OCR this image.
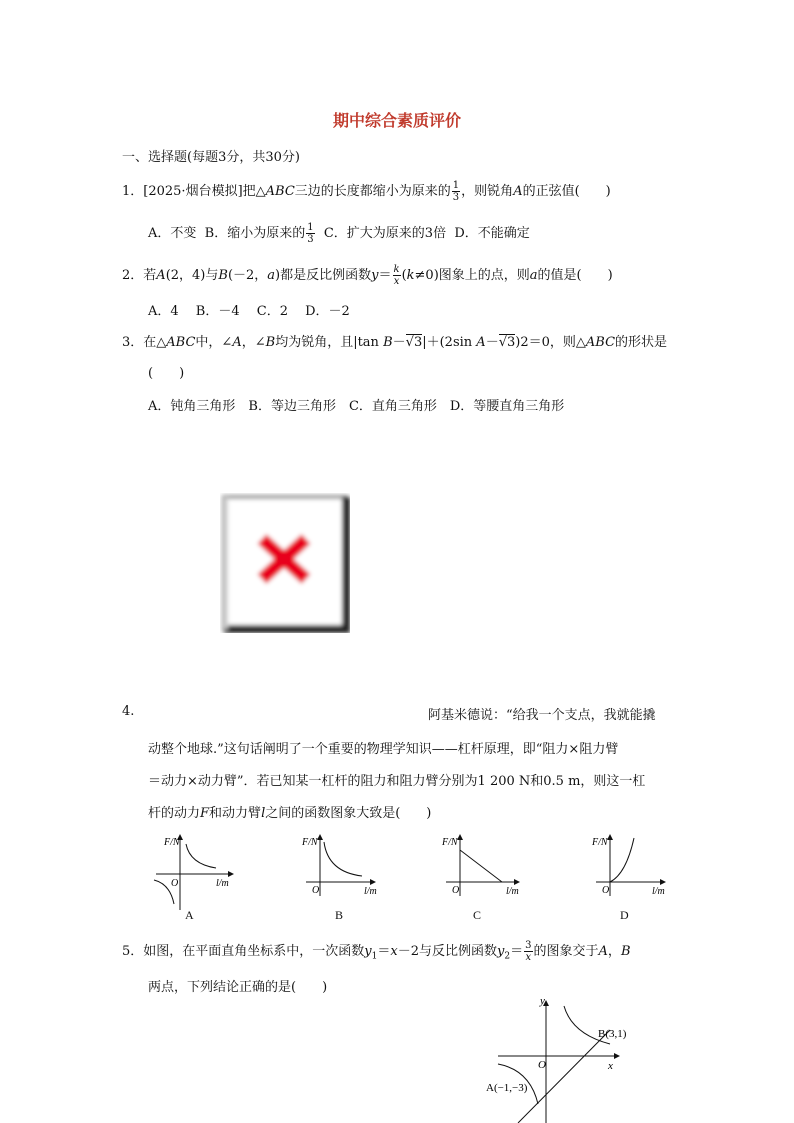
期中综合素质评价
一、选择题(每题3分，共30分)
1．[2025·烟台模拟]把△ABC三边的长度都缩小为原来的 $\frac{1}{3}$ ，则锐角A的正弦值(　　)
A．不变 B．缩小为原来的 $\frac{1}{3}$ C．扩大为原来的3倍 D．不能确定
2．若A(2，4)与B(－2，a)都是反比例函数$y= \frac{k}{x} (k\ne 0)$图象上的点，则a的值是(　　)
A．4　 B．－4　 C．2　 D．－2
3．在△ABC中，∠A，∠B均为锐角，且|tan B－√3|＋(2sin A－√3)2＝0，则△ABC的形状是
(　　)
A．钝角三角形　B．等边三角形　C．直角三角形　D．等腰直角三角形
4.	阿基米德说：“给我一个支点，我就能撬
动整个地球.”这句话阐明了一个重要的物理学知识——杠杆原理，即“阻力×阻力臂
＝动力×动力臂”．若已知某一杠杆的阻力和阻力臂分别为1 200 N和0.5 m，则这一杠
杆的动力F和动力臂l之间的函数图象大致是(　　)
F/N
O	l/m
A
F/N
O	l/m
B
F/N
O	l/m
C
F/N
O	l/m
D
5．如图，在平面直角坐标系中，一次函数$y_1=x-2$与反比例函数$y_2= \frac{3}{x}$ 的图象交于A，B
两点，下列结论正确的是(　　)
y
x
O
B(3,1)
A(−1,−3)
